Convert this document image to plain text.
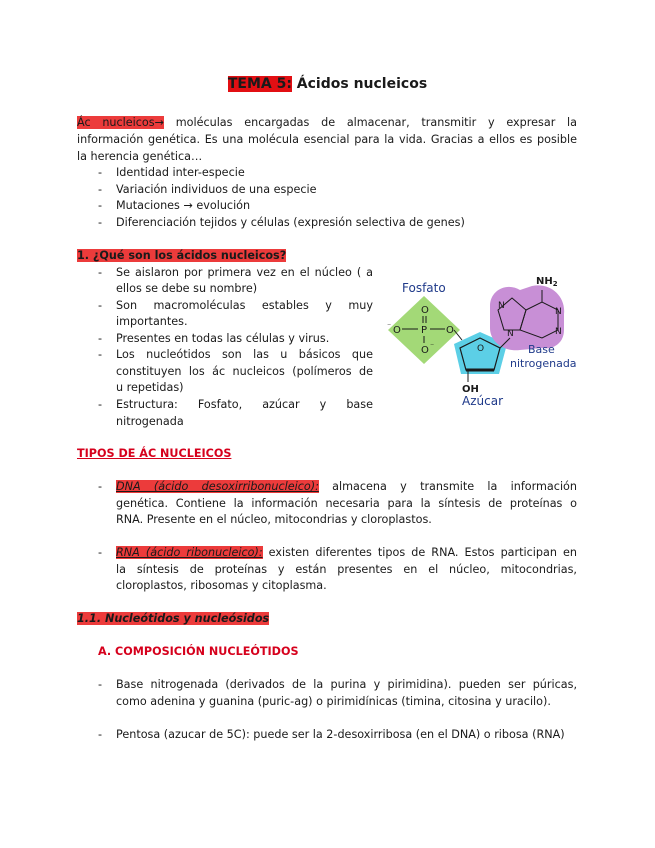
TEMA 5: Ácidos nucleicos
Ác nucleicos→ moléculas encargadas de almacenar, transmitir y expresar la
información genética. Es una molécula esencial para la vida. Gracias a ellos es posible
la herencia genética…
- Identidad inter-especie
- Variación individuos de una especie
- Mutaciones → evolución
- Diferenciación tejidos y células (expresión selectiva de genes)
1. ¿Qué son los ácidos nucleicos?
- Se aislaron por primera vez en el núcleo ( a
ellos se debe su nombre)
- Son macromoléculas estables y muy
importantes.
- Presentes en todas las células y virus.
- Los nucleótidos son las u básicos que
constituyen los ác nucleicos (polímeros de
u repetidas)
- Estructura: Fosfato, azúcar y base
nitrogenada
O
P
O
⁻	O
O ⁻	O
OH
N
N
N
N
$NH_2$
Fosfato
Azúcar
Base
nitrogenada
TIPOS DE ÁC NUCLEICOS
- DNA (ácido desoxirribonucleico): almacena y transmite la información
genética. Contiene la información necesaria para la síntesis de proteínas o
RNA. Presente en el núcleo, mitocondrias y cloroplastos.
- RNA (ácido ribonucleico): existen diferentes tipos de RNA. Estos participan en
la síntesis de proteínas y están presentes en el núcleo, mitocondrias,
cloroplastos, ribosomas y citoplasma.
1.1. Nucleótidos y nucleósidos
A. COMPOSICIÓN NUCLEÓTIDOS
- Base nitrogenada (derivados de la purina y pirimidina). pueden ser púricas,
como adenina y guanina (puric-ag) o pirimidínicas (timina, citosina y uracilo).
- Pentosa (azucar de 5C): puede ser la 2-desoxirribosa (en el DNA) o ribosa (RNA)
